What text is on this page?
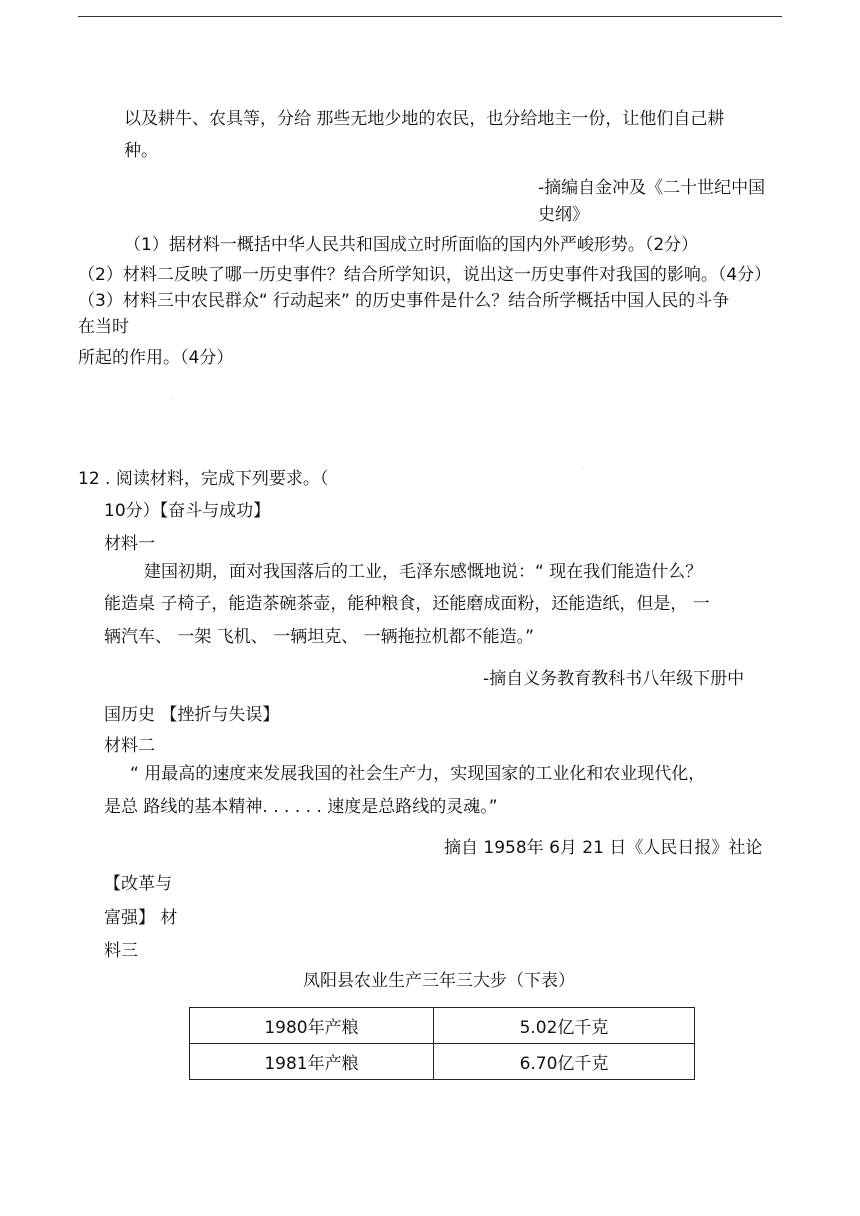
以及耕牛、农具等，分给 那些无地少地的农民，也分给地主一份，让他们自己耕
种。
-摘编自金冲及《二十世纪中国
史纲》
（1）据材料一概括中华人民共和国成立时所面临的国内外严峻形势。（2分）
（2）材料二反映了哪一历史事件？结合所学知识，说出这一历史事件对我国的影响。（4分）
（3）材料三中农民群众“ 行动起来” 的历史事件是什么？结合所学概括中国人民的斗争
在当时
所起的作用。（4分）
12 . 阅读材料，完成下列要求。（
10分）【奋斗与成功】
材料一
建国初期，面对我国落后的工业，毛泽东感慨地说：“ 现在我们能造什么？
能造桌 子椅子，能造茶碗茶壶，能种粮食，还能磨成面粉，还能造纸，但是， 一
辆汽车、 一架 飞机、 一辆坦克、 一辆拖拉机都不能造。”
-摘自义务教育教科书八年级下册中
国历史 【挫折与失误】
材料二
“ 用最高的速度来发展我国的社会生产力，实现国家的工业化和农业现代化，
是总 路线的基本精神. . . . . . 速度是总路线的灵魂。”
摘自 1958年 6月 21 日《人民日报》社论
【改革与
富强】 材
料三
凤阳县农业生产三年三大步（下表）
1980年产粮	5.02亿千克
1981年产粮	6.70亿千克
